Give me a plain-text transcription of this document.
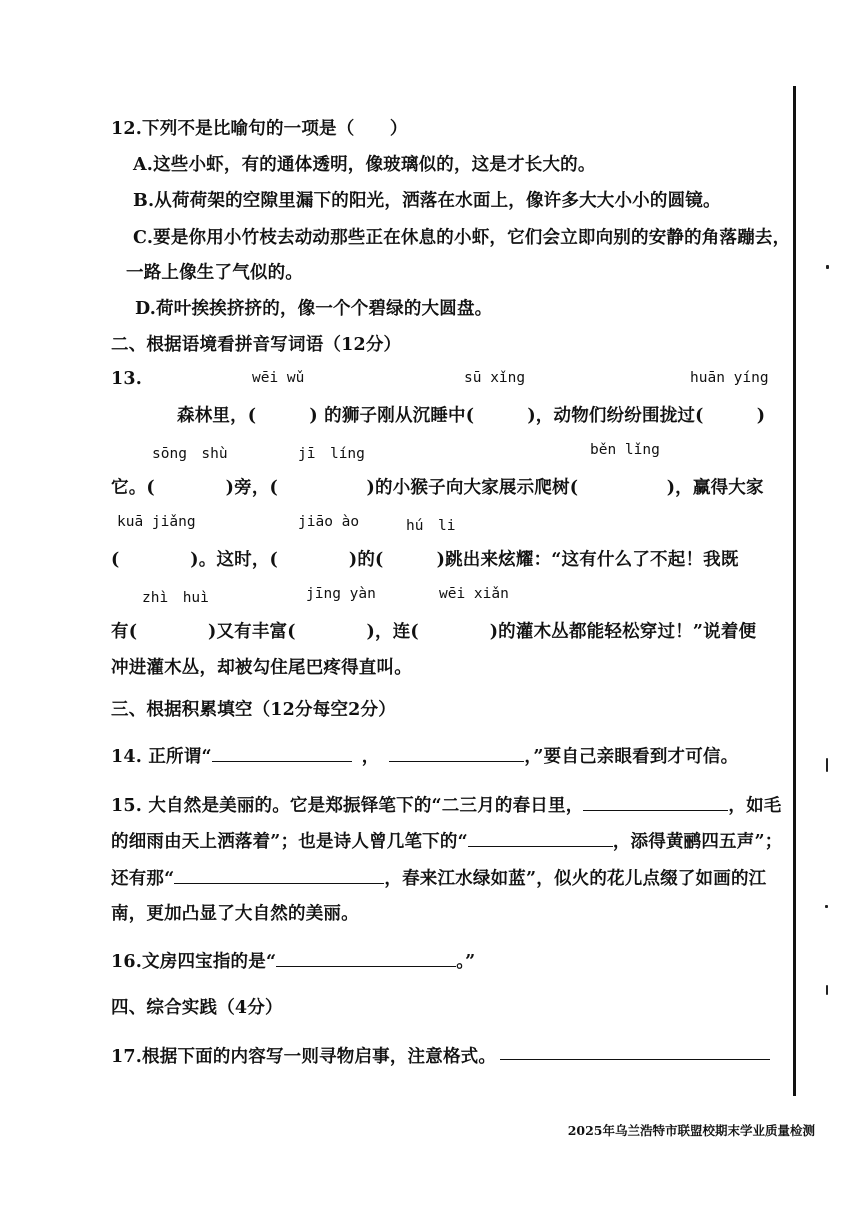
12.下列不是比喻句的一项是（　　）
A.这些小虾，有的通体透明，像玻璃似的，这是才长大的。
B.从荷荷架的空隙里漏下的阳光，洒落在水面上，像许多大大小小的圆镜。
C.要是你用小竹枝去动动那些正在休息的小虾，它们会立即向别的安静的角落蹦去，
一路上像生了气似的。
D.荷叶挨挨挤挤的，像一个个碧绿的大圆盘。
二、根据语境看拼音写词语（12分）
13.	wēi wǔ	sū xǐng	huān yíng
森林里，(　　　) 的狮子刚从沉睡中(　　　)，动物们纷纷围拢过(　　　)
sōng　shù	jī　líng	běn lǐng
它。(　　　　)旁，(　　　　　)的小猴子向大家展示爬树(　　　　　)，赢得大家
kuā jiǎng	jiāo ào	hú　li
(　　　　)。这时，(　　　　)的(　　　)跳出来炫耀：“这有什么了不起！我既
zhì　huì	jīng yàn	wēi xiǎn
有(　　　　)又有丰富(　　　　)，连(　　　　)的灌木丛都能轻松穿过！”说着便
冲进灌木丛，却被勾住尾巴疼得直叫。
三、根据积累填空（12分每空2分）
14. 正所谓“	，	，”要自己亲眼看到才可信。
15. 大自然是美丽的。它是郑振铎笔下的“二三月的春日里，	，如毛
的细雨由天上洒落着”；也是诗人曾几笔下的“	，添得黄鹂四五声”；
还有那“	，春来江水绿如蓝”，似火的花儿点缀了如画的江
南，更加凸显了大自然的美丽。
16.文房四宝指的是“	。”
四、综合实践（4分）
17.根据下面的内容写一则寻物启事，注意格式。
2025年乌兰浩特市联盟校期末学业质量检测
